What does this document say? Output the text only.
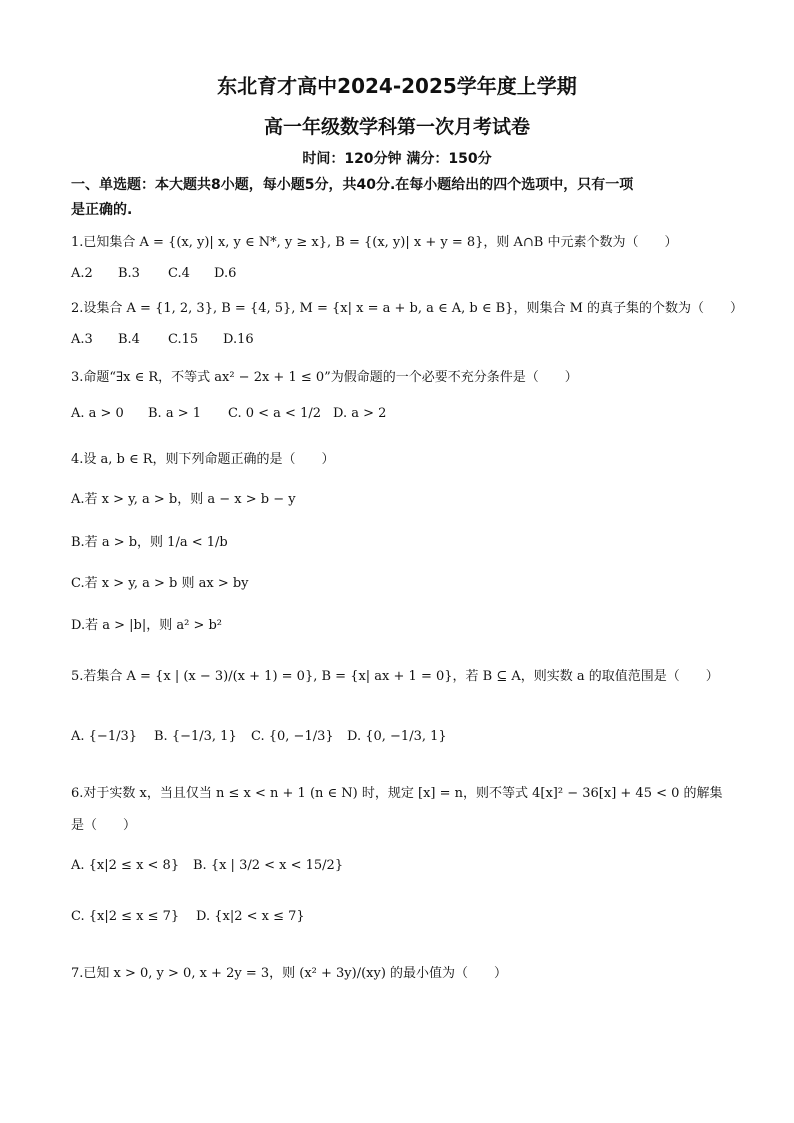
东北育才高中2024-2025学年度上学期
高一年级数学科第一次月考试卷
时间：120分钟 满分：150分
一、单选题：本大题共8小题，每小题5分，共40分.在每小题给出的四个选项中，只有一项
是正确的.
1.已知集合 A = {(x, y)| x, y ∈ N*, y ≥ x}, B = {(x, y)| x + y = 8}，则 A∩B 中元素个数为（　　）
A.2 B.3 C.4 D.6
2.设集合 A = {1, 2, 3}, B = {4, 5}, M = {x| x = a + b, a ∈ A, b ∈ B}，则集合 M 的真子集的个数为（　　）
A.3 B.4 C.15 D.16
3.命题“∃x ∈ R，不等式 ax² − 2x + 1 ≤ 0”为假命题的一个必要不充分条件是（　　）
A. a > 0 B. a > 1 C. 0 < a < 1/2 D. a > 2
4.设 a, b ∈ R，则下列命题正确的是（　　）
A.若 x > y, a > b，则 a − x > b − y
B.若 a > b，则 1/a < 1/b
C.若 x > y, a > b 则 ax > by
D.若 a > |b|，则 a² > b²
5.若集合 A = {x | (x − 3)/(x + 1) = 0}, B = {x| ax + 1 = 0}，若 B ⊆ A，则实数 a 的取值范围是（　　）
A. {−1/3} B. {−1/3, 1} C. {0, −1/3} D. {0, −1/3, 1}
6.对于实数 x，当且仅当 n ≤ x < n + 1 (n ∈ N) 时，规定 [x] = n，则不等式 4[x]² − 36[x] + 45 < 0 的解集
是（　　）
A. {x|2 ≤ x < 8} B. {x | 3/2 < x < 15/2}
C. {x|2 ≤ x ≤ 7} D. {x|2 < x ≤ 7}
7.已知 x > 0, y > 0, x + 2y = 3，则 (x² + 3y)/(xy) 的最小值为（　　）
